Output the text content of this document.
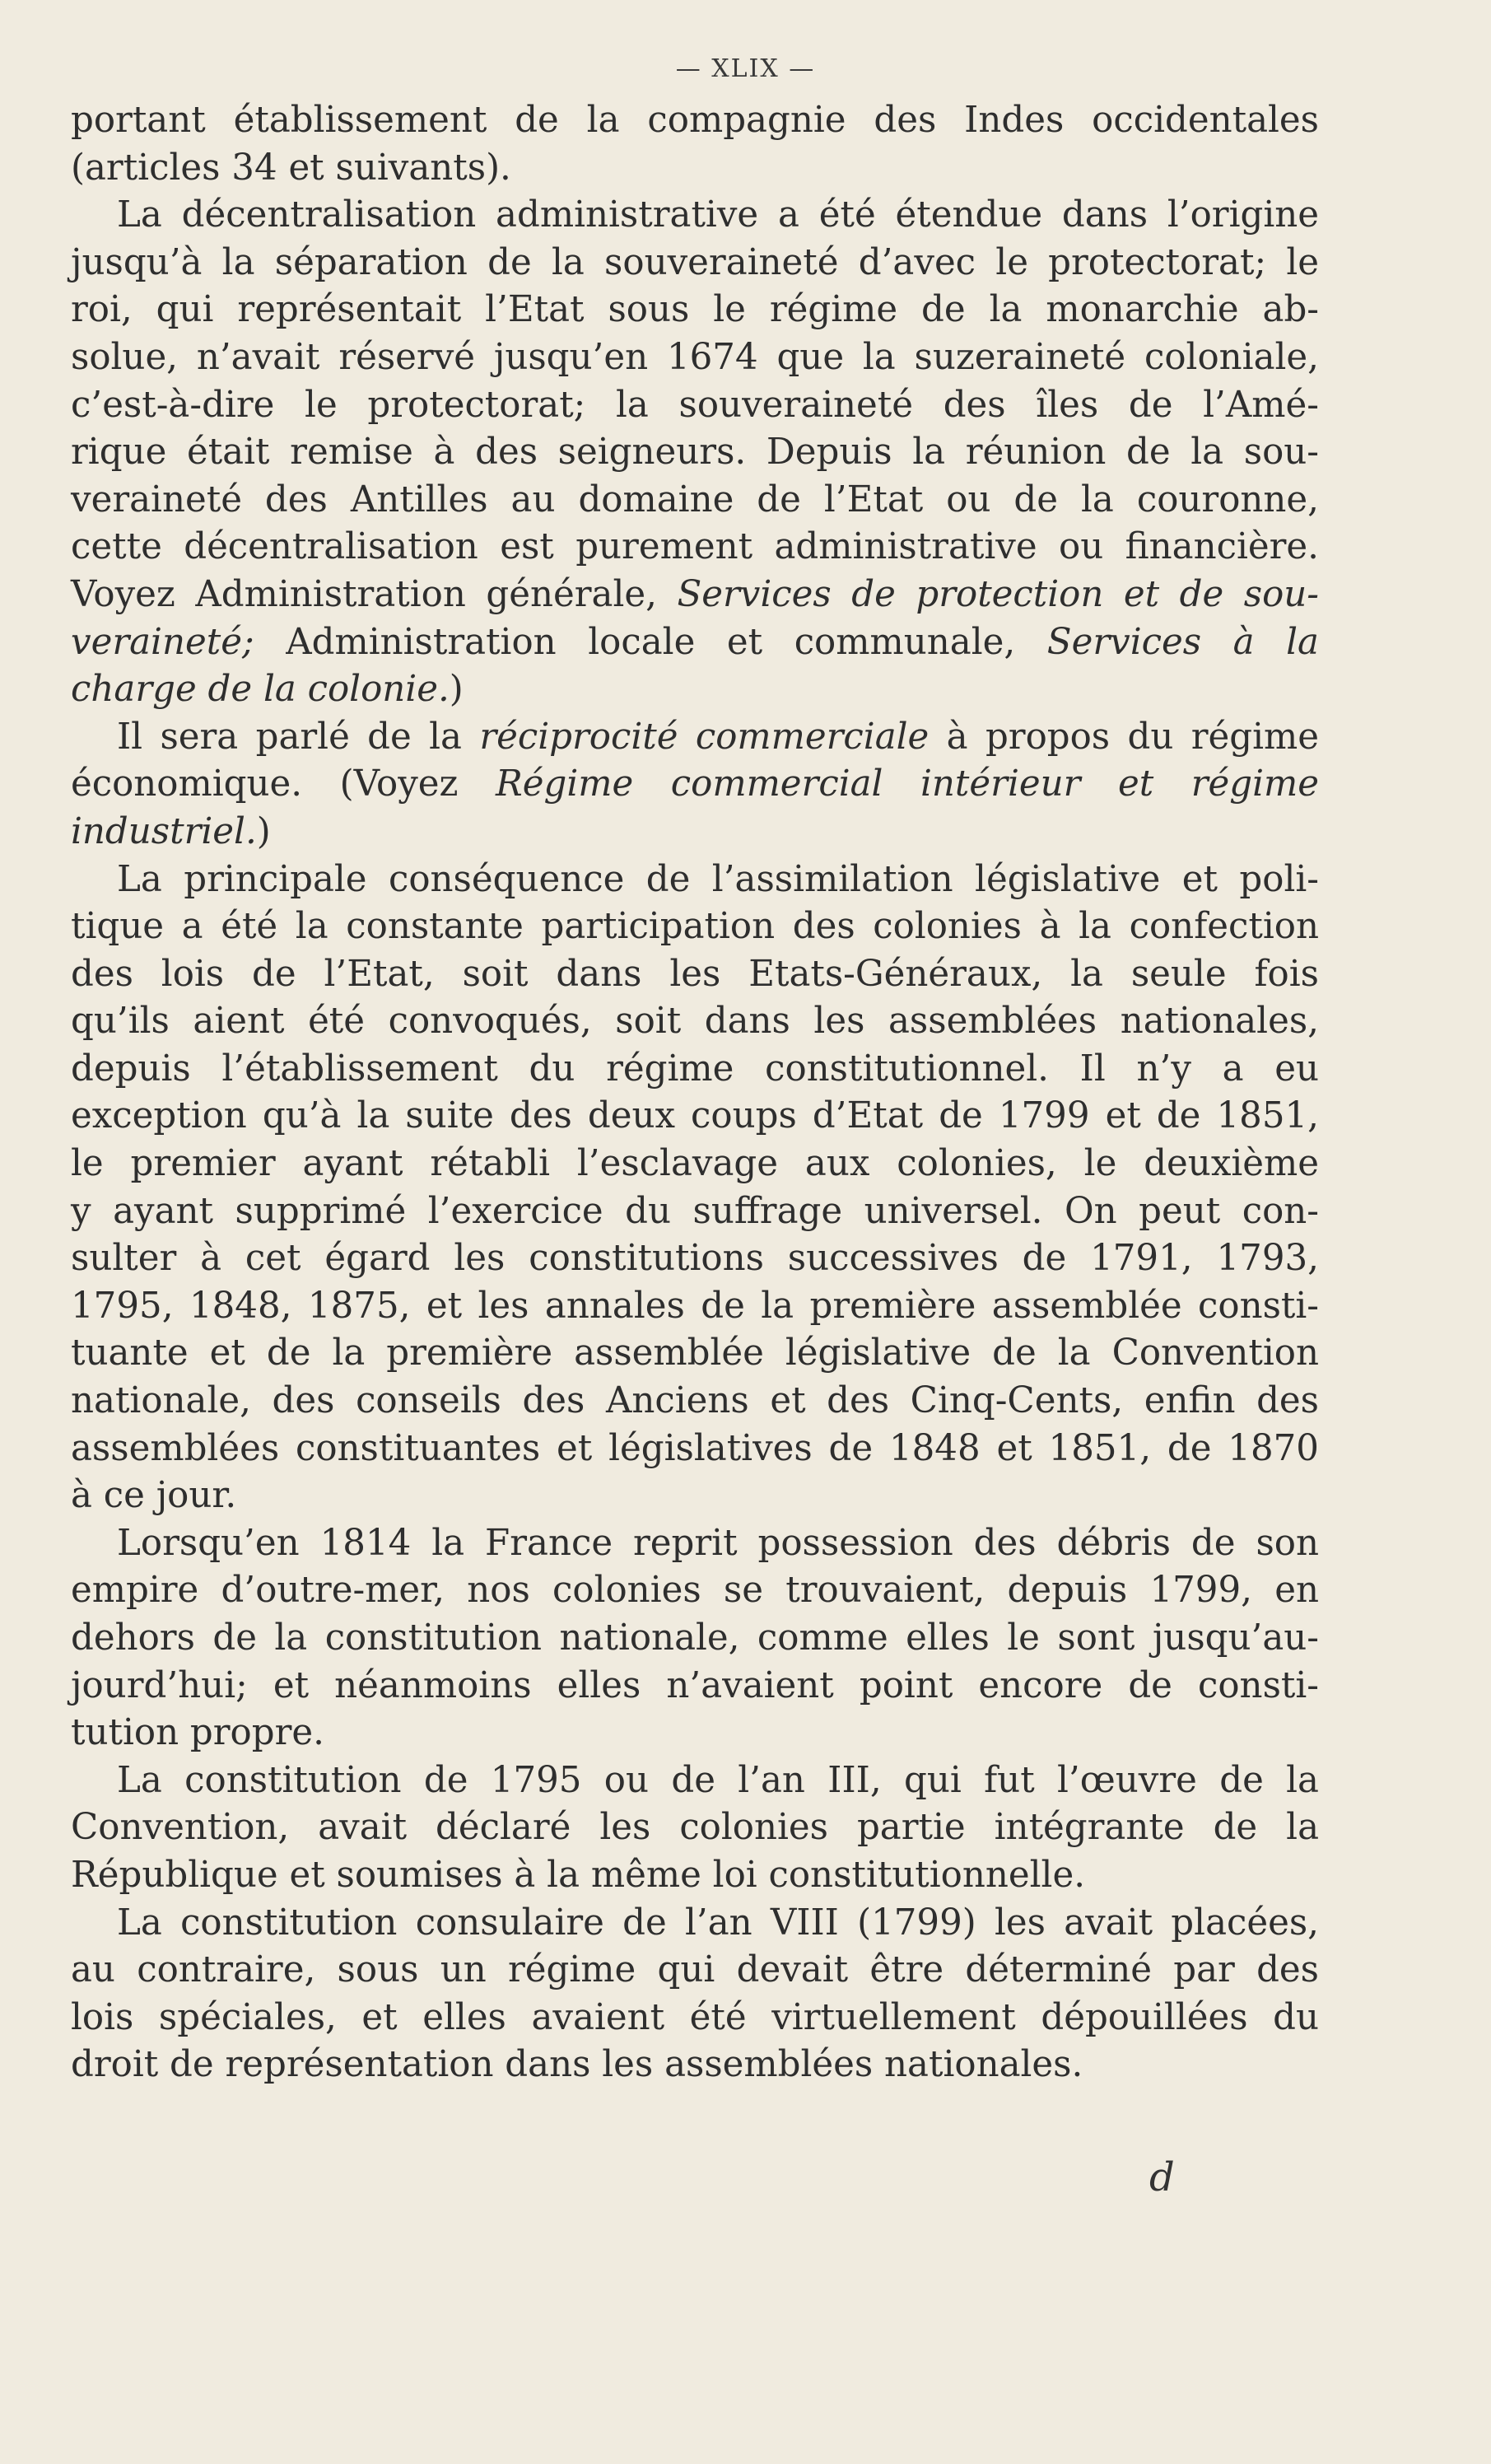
— XLIX —
portant établissement de la compagnie des Indes occidentales
(articles 34 et suivants).
La décentralisation administrative a été étendue dans l’origine
jusqu’à la séparation de la souveraineté d’avec le protectorat; le
roi, qui représentait l’Etat sous le régime de la monarchie ab-
solue, n’avait réservé jusqu’en 1674 que la suzeraineté coloniale,
c’est-à-dire le protectorat; la souveraineté des îles de l’Amé-
rique était remise à des seigneurs. Depuis la réunion de la sou-
veraineté des Antilles au domaine de l’Etat ou de la couronne,
cette décentralisation est purement administrative ou financière.
Voyez Administration générale, Services de protection et de sou-
veraineté; Administration locale et communale, Services à la
charge de la colonie.)
Il sera parlé de la réciprocité commerciale à propos du régime
économique. (Voyez Régime commercial intérieur et régime
industriel.)
La principale conséquence de l’assimilation législative et poli-
tique a été la constante participation des colonies à la confection
des lois de l’Etat, soit dans les Etats-Généraux, la seule fois
qu’ils aient été convoqués, soit dans les assemblées nationales,
depuis l’établissement du régime constitutionnel. Il n’y a eu
exception qu’à la suite des deux coups d’Etat de 1799 et de 1851,
le premier ayant rétabli l’esclavage aux colonies, le deuxième
y ayant supprimé l’exercice du suffrage universel. On peut con-
sulter à cet égard les constitutions successives de 1791, 1793,
1795, 1848, 1875, et les annales de la première assemblée consti-
tuante et de la première assemblée législative de la Convention
nationale, des conseils des Anciens et des Cinq-Cents, enfin des
assemblées constituantes et législatives de 1848 et 1851, de 1870
à ce jour.
Lorsqu’en 1814 la France reprit possession des débris de son
empire d’outre-mer, nos colonies se trouvaient, depuis 1799, en
dehors de la constitution nationale, comme elles le sont jusqu’au-
jourd’hui; et néanmoins elles n’avaient point encore de consti-
tution propre.
La constitution de 1795 ou de l’an III, qui fut l’œuvre de la
Convention, avait déclaré les colonies partie intégrante de la
République et soumises à la même loi constitutionnelle.
La constitution consulaire de l’an VIII (1799) les avait placées,
au contraire, sous un régime qui devait être déterminé par des
lois spéciales, et elles avaient été virtuellement dépouillées du
droit de représentation dans les assemblées nationales.
d
